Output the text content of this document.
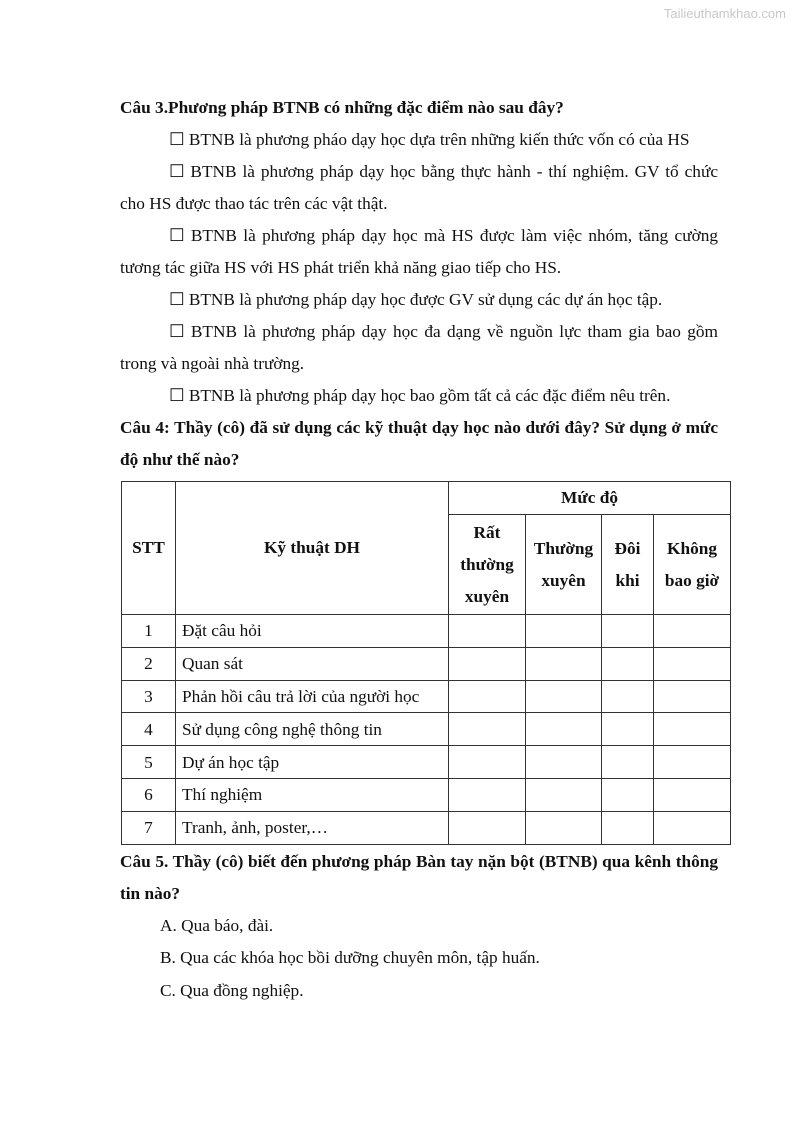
Tailieuthamkhao.com
Câu 3.Phương pháp BTNB có những đặc điểm nào sau đây?
☐ BTNB là phương pháo dạy học dựa trên những kiến thức vốn có của HS
☐ BTNB là phương pháp dạy học bằng thực hành - thí nghiệm. GV tổ chức cho HS được thao tác trên các vật thật.
☐ BTNB là phương pháp dạy học mà HS được làm việc nhóm, tăng cường tương tác giữa HS với HS phát triển khả năng giao tiếp cho HS.
☐ BTNB là phương pháp dạy học được GV sử dụng các dự án học tập.
☐ BTNB là phương pháp dạy học đa dạng về nguồn lực tham gia bao gồm trong và ngoài nhà trường.
☐ BTNB là phương pháp dạy học bao gồm tất cả các đặc điểm nêu trên.
Câu 4: Thầy (cô) đã sử dụng các kỹ thuật dạy học nào dưới đây? Sử dụng ở mức độ như thế nào?
STT	Kỹ thuật DH	Mức độ			
		Rất thường xuyên	Thường xuyên	Đôi khi	Không bao giờ
1	Đặt câu hỏi				
2	Quan sát				
3	Phản hồi câu trả lời của người học				
4	Sử dụng công nghệ thông tin				
5	Dự án học tập				
6	Thí nghiệm				
7	Tranh, ảnh, poster,…				
Câu 5. Thầy (cô) biết đến phương pháp Bàn tay nặn bột (BTNB) qua kênh thông tin nào?
A. Qua báo, đài.
B. Qua các khóa học bồi dưỡng chuyên môn, tập huấn.
C. Qua đồng nghiệp.
